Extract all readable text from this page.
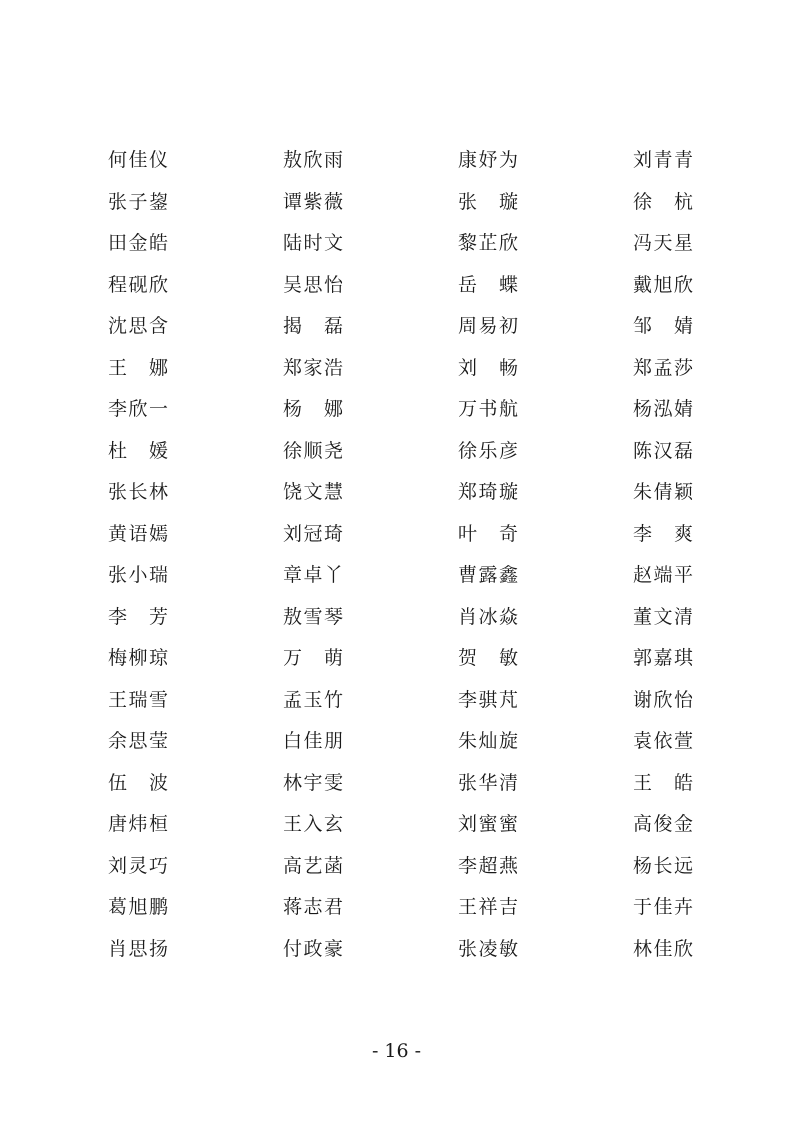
何佳仪	敖欣雨	康妤为	刘青青
张子鋆	谭紫薇	张　璇	徐　杭
田金皓	陆时文	黎芷欣	冯天星
程砚欣	吴思怡	岳　蝶	戴旭欣
沈思含	揭　磊	周易初	邹　婧
王　娜	郑家浩	刘　畅	郑孟莎
李欣一	杨　娜	万书航	杨泓婧
杜　媛	徐顺尧	徐乐彦	陈汉磊
张长林	饶文慧	郑琦璇	朱倩颖
黄语嫣	刘冠琦	叶　奇	李　爽
张小瑞	章卓丫	曹露鑫	赵端平
李　芳	敖雪琴	肖冰焱	董文清
梅柳琼	万　萌	贺　敏	郭嘉琪
王瑞雪	孟玉竹	李骐芃	谢欣怡
余思莹	白佳朋	朱灿旋	袁依萱
伍　波	林宇雯	张华清	王　皓
唐炜桓	王入玄	刘蜜蜜	高俊金
刘灵巧	高艺菡	李超燕	杨长远
葛旭鹏	蒋志君	王祥吉	于佳卉
肖思扬	付政豪	张凌敏	林佳欣
- 16 -
